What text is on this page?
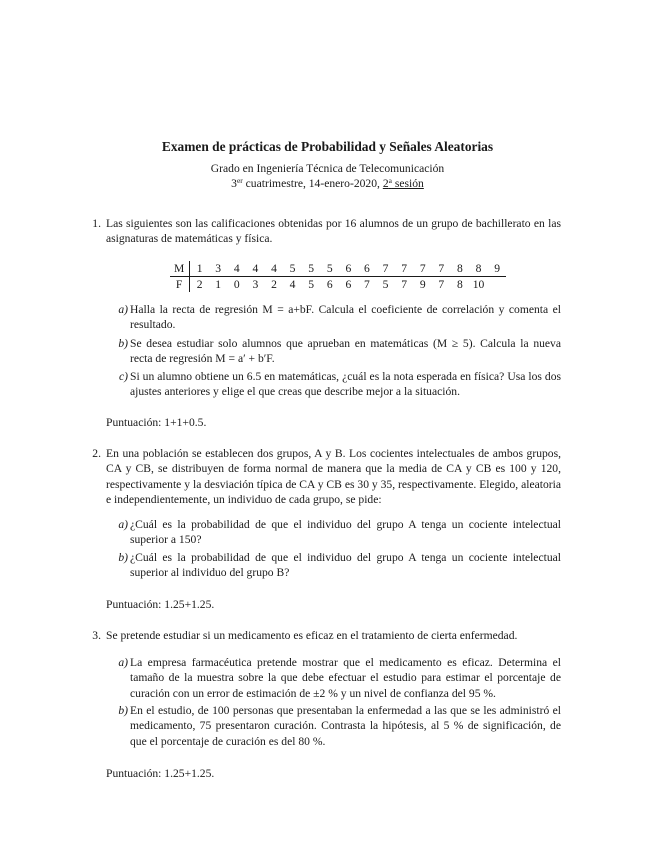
Examen de prácticas de Probabilidad y Señales Aleatorias
Grado en Ingeniería Técnica de Telecomunicación
3er cuatrimestre, 14-enero-2020, 2$^a$ sesión
1. Las siguientes son las calificaciones obtenidas por 16 alumnos de un grupo de bachillerato en las asignaturas de matemáticas y física.
M	1	3	4	4	4	5	5	5	6	6	7	7	7	7	8	8	9
F	2	1	0	3	2	4	5	6	6	7	5	7	9	7	8	10	
a) Halla la recta de regresión M = a+bF. Calcula el coeficiente de correlación y comenta el resultado.
b) Se desea estudiar solo alumnos que aprueban en matemáticas (M ≥ 5). Calcula la nueva recta de regresión M = a′ + b′F.
c) Si un alumno obtiene un 6.5 en matemáticas, ¿cuál es la nota esperada en física? Usa los dos ajustes anteriores y elige el que creas que describe mejor a la situación.
Puntuación: 1+1+0.5.
2. En una población se establecen dos grupos, A y B. Los cocientes intelectuales de ambos grupos, CA y CB, se distribuyen de forma normal de manera que la media de CA y CB es 100 y 120, respectivamente y la desviación típica de CA y CB es 30 y 35, respectivamente. Elegido, aleatoria e independientemente, un individuo de cada grupo, se pide:
a) ¿Cuál es la probabilidad de que el individuo del grupo A tenga un cociente intelectual superior a 150?
b) ¿Cuál es la probabilidad de que el individuo del grupo A tenga un cociente intelectual superior al individuo del grupo B?
Puntuación: 1.25+1.25.
3. Se pretende estudiar si un medicamento es eficaz en el tratamiento de cierta enfermedad.
a) La empresa farmacéutica pretende mostrar que el medicamento es eficaz. Determina el tamaño de la muestra sobre la que debe efectuar el estudio para estimar el porcentaje de curación con un error de estimación de ±2 % y un nivel de confianza del 95 %.
b) En el estudio, de 100 personas que presentaban la enfermedad a las que se les administró el medicamento, 75 presentaron curación. Contrasta la hipótesis, al 5 % de significación, de que el porcentaje de curación es del 80 %.
Puntuación: 1.25+1.25.
